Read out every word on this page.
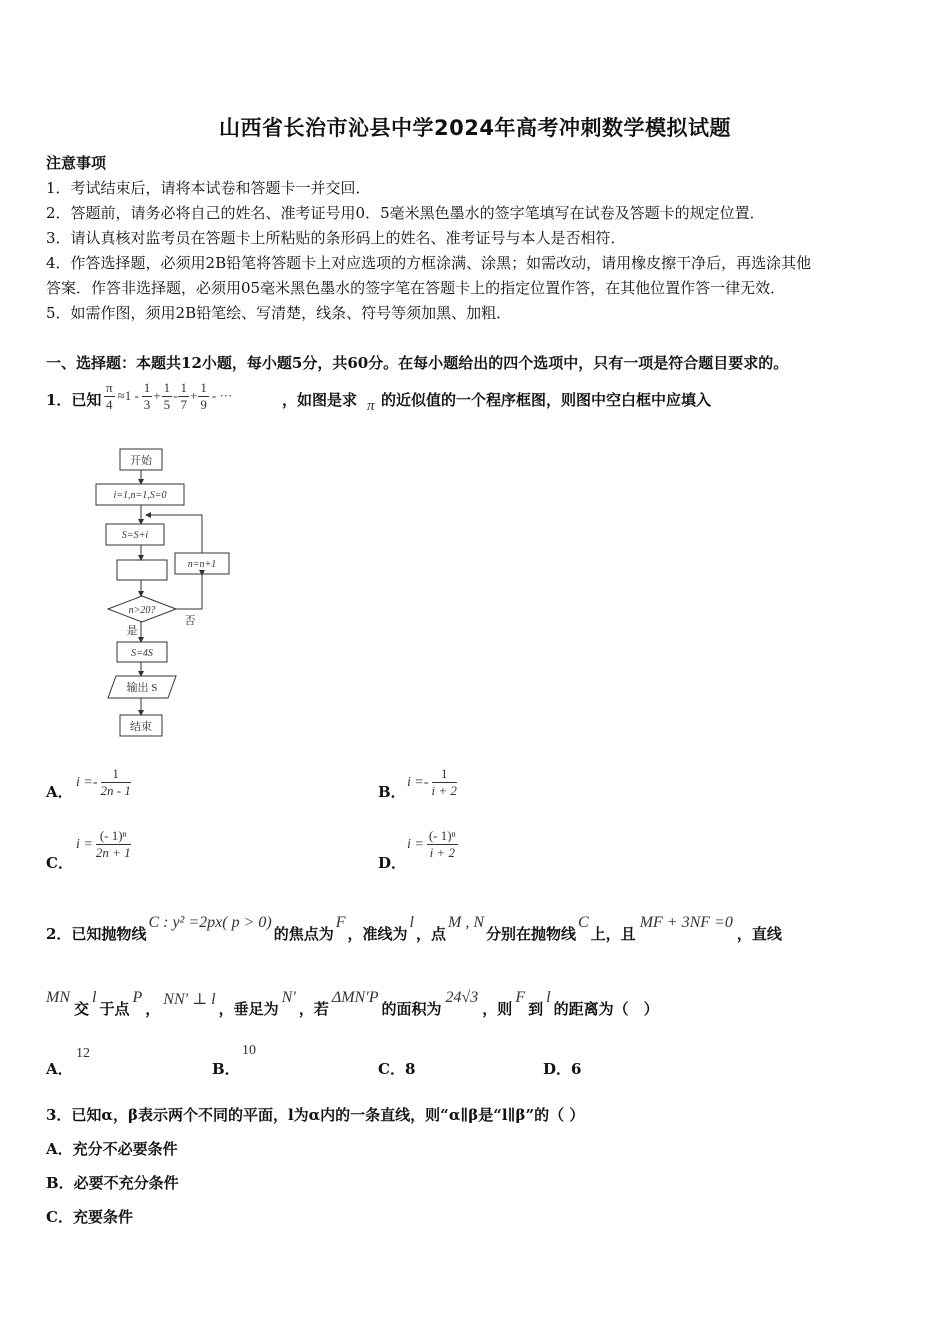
山西省长治市沁县中学2024年高考冲刺数学模拟试题
注意事项
1．考试结束后，请将本试卷和答题卡一并交回．
2．答题前，请务必将自己的姓名、准考证号用0．5毫米黑色墨水的签字笔填写在试卷及答题卡的规定位置．
3．请认真核对监考员在答题卡上所粘贴的条形码上的姓名、准考证号与本人是否相符．
4．作答选择题，必须用2B铅笔将答题卡上对应选项的方框涂满、涂黑；如需改动，请用橡皮擦干净后，再选涂其他
答案．作答非选择题，必须用05毫米黑色墨水的签字笔在答题卡上的指定位置作答，在其他位置作答一律无效．
5．如需作图，须用2B铅笔绘、写清楚，线条、符号等须加黑、加粗．
一、选择题：本题共12小题，每小题5分，共60分。在每小题给出的四个选项中，只有一项是符合题目要求的。
1．已知 $\frac{\pi}{4} \approx 1 - \frac{1}{3} + \frac{1}{5} - \frac{1}{7} + \frac{1}{9}$ - ···	，如图是求 π 的近似值的一个程序框图，则图中空白框中应填入
开始
i=1,n=1,S=0
S=S+i
n=n+1
n>20?
否
是
S=4S
输出 S
结束
A．
$i =- \frac{1}{2n - 1}$	B．
$i =- \frac{1}{i + 2}$
C．
$i = \frac{\text{(- 1)ⁿ}}{2n + 1}$
D．
$i = \frac{\text{(- 1)ⁿ}}{i + 2}$
2．已知抛物线
C : y² =2px( p > 0)
的焦点为
F
，准线为
l
，点
M , N
分别在抛物线
C
上，且
MF + 3NF =0
，直线
MN
交
l
于点
P
，
NN′ ⊥ l
，垂足为
N′
，若
ΔMN′P
的面积为
24√3
，则
F
到
l
的距离为（　）
A．
12
B．
10
C．8	D．6
3．已知α，β表示两个不同的平面，l为α内的一条直线，则“α∥β是“l∥β”的（ ）
A．充分不必要条件
B．必要不充分条件
C．充要条件
